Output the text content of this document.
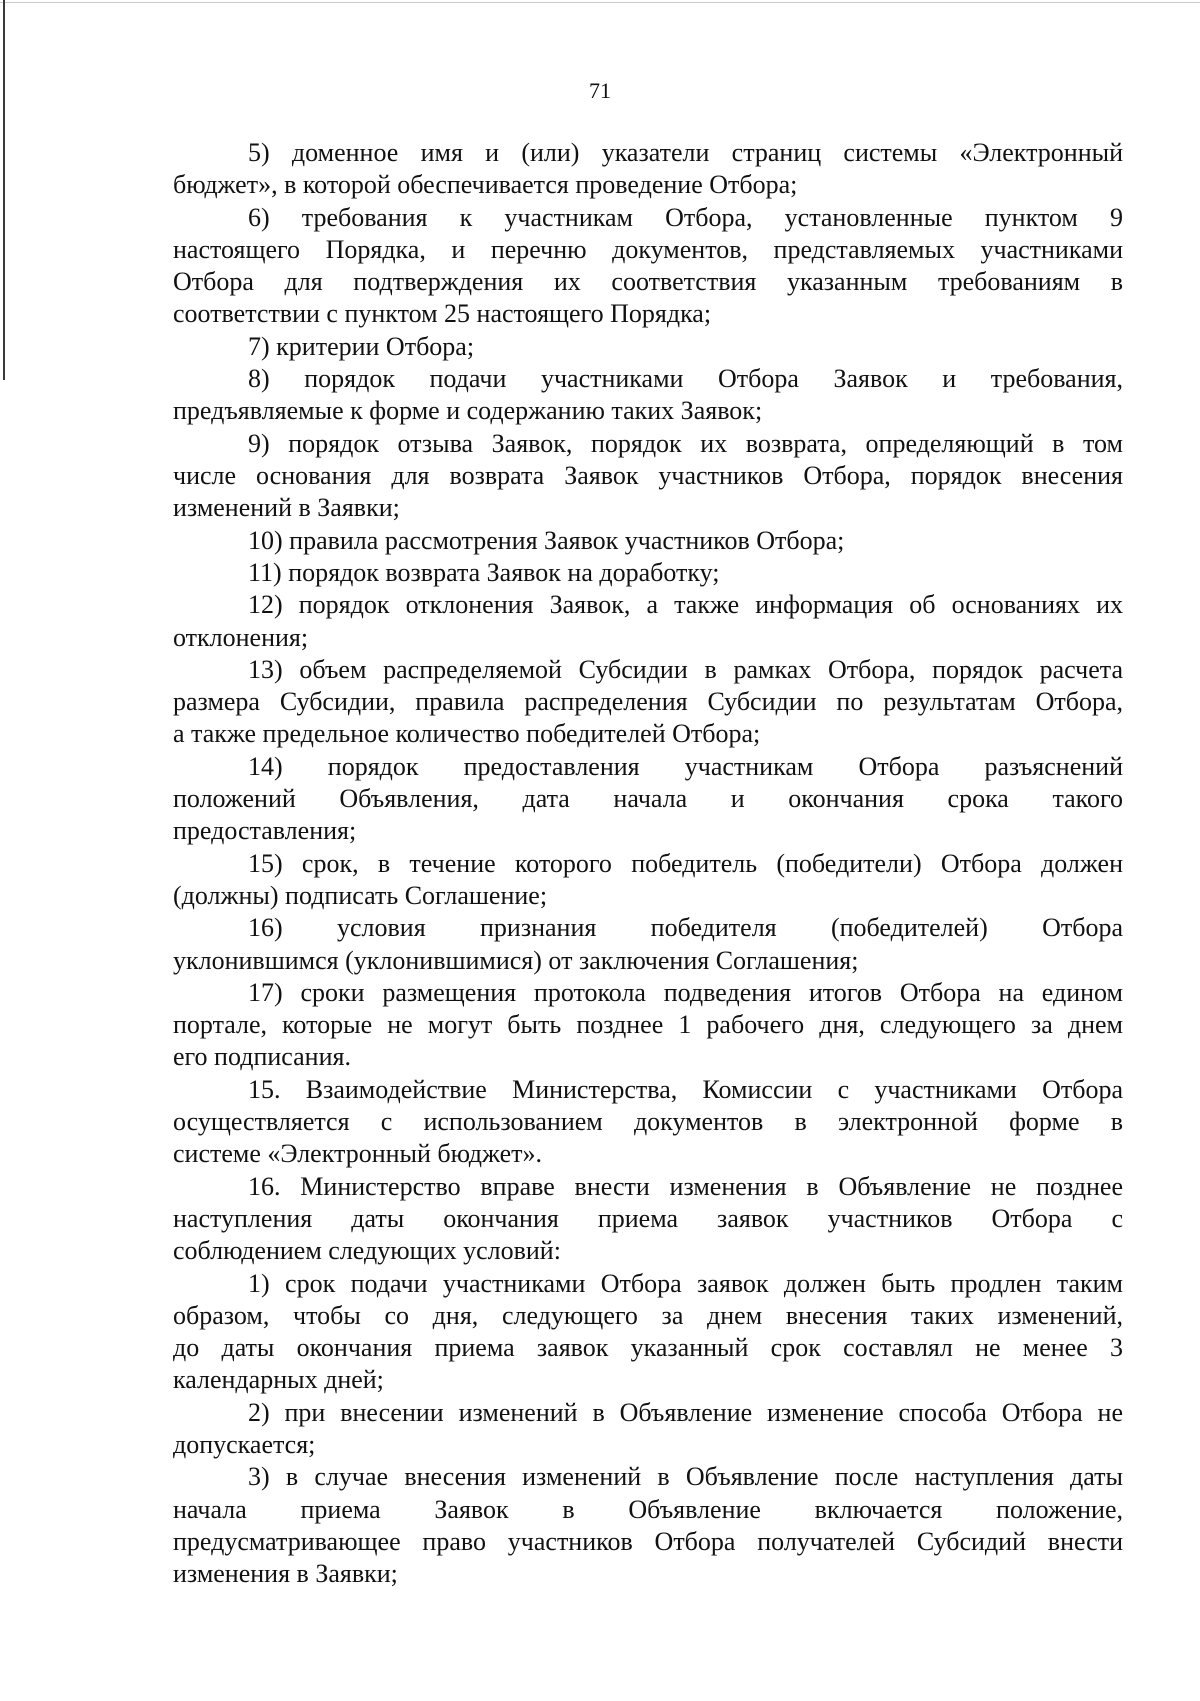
71
5) доменное имя и (или) указатели страниц системы «Электронный
бюджет», в которой обеспечивается проведение Отбора;
6) требования к участникам Отбора, установленные пунктом 9
настоящего Порядка, и перечню документов, представляемых участниками
Отбора для подтверждения их соответствия указанным требованиям в
соответствии с пунктом 25 настоящего Порядка;
7) критерии Отбора;
8) порядок подачи участниками Отбора Заявок и требования,
предъявляемые к форме и содержанию таких Заявок;
9) порядок отзыва Заявок, порядок их возврата, определяющий в том
числе основания для возврата Заявок участников Отбора, порядок внесения
изменений в Заявки;
10) правила рассмотрения Заявок участников Отбора;
11) порядок возврата Заявок на доработку;
12) порядок отклонения Заявок, а также информация об основаниях их
отклонения;
13) объем распределяемой Субсидии в рамках Отбора, порядок расчета
размера Субсидии, правила распределения Субсидии по результатам Отбора,
а также предельное количество победителей Отбора;
14) порядок предоставления участникам Отбора разъяснений
положений Объявления, дата начала и окончания срока такого
предоставления;
15) срок, в течение которого победитель (победители) Отбора должен
(должны) подписать Соглашение;
16) условия признания победителя (победителей) Отбора
уклонившимся (уклонившимися) от заключения Соглашения;
17) сроки размещения протокола подведения итогов Отбора на едином
портале, которые не могут быть позднее 1 рабочего дня, следующего за днем
его подписания.
15. Взаимодействие Министерства, Комиссии с участниками Отбора
осуществляется с использованием документов в электронной форме в
системе «Электронный бюджет».
16. Министерство вправе внести изменения в Объявление не позднее
наступления даты окончания приема заявок участников Отбора с
соблюдением следующих условий:
1) срок подачи участниками Отбора заявок должен быть продлен таким
образом, чтобы со дня, следующего за днем внесения таких изменений,
до даты окончания приема заявок указанный срок составлял не менее 3
календарных дней;
2) при внесении изменений в Объявление изменение способа Отбора не
допускается;
3) в случае внесения изменений в Объявление после наступления даты
начала приема Заявок в Объявление включается положение,
предусматривающее право участников Отбора получателей Субсидий внести
изменения в Заявки;
